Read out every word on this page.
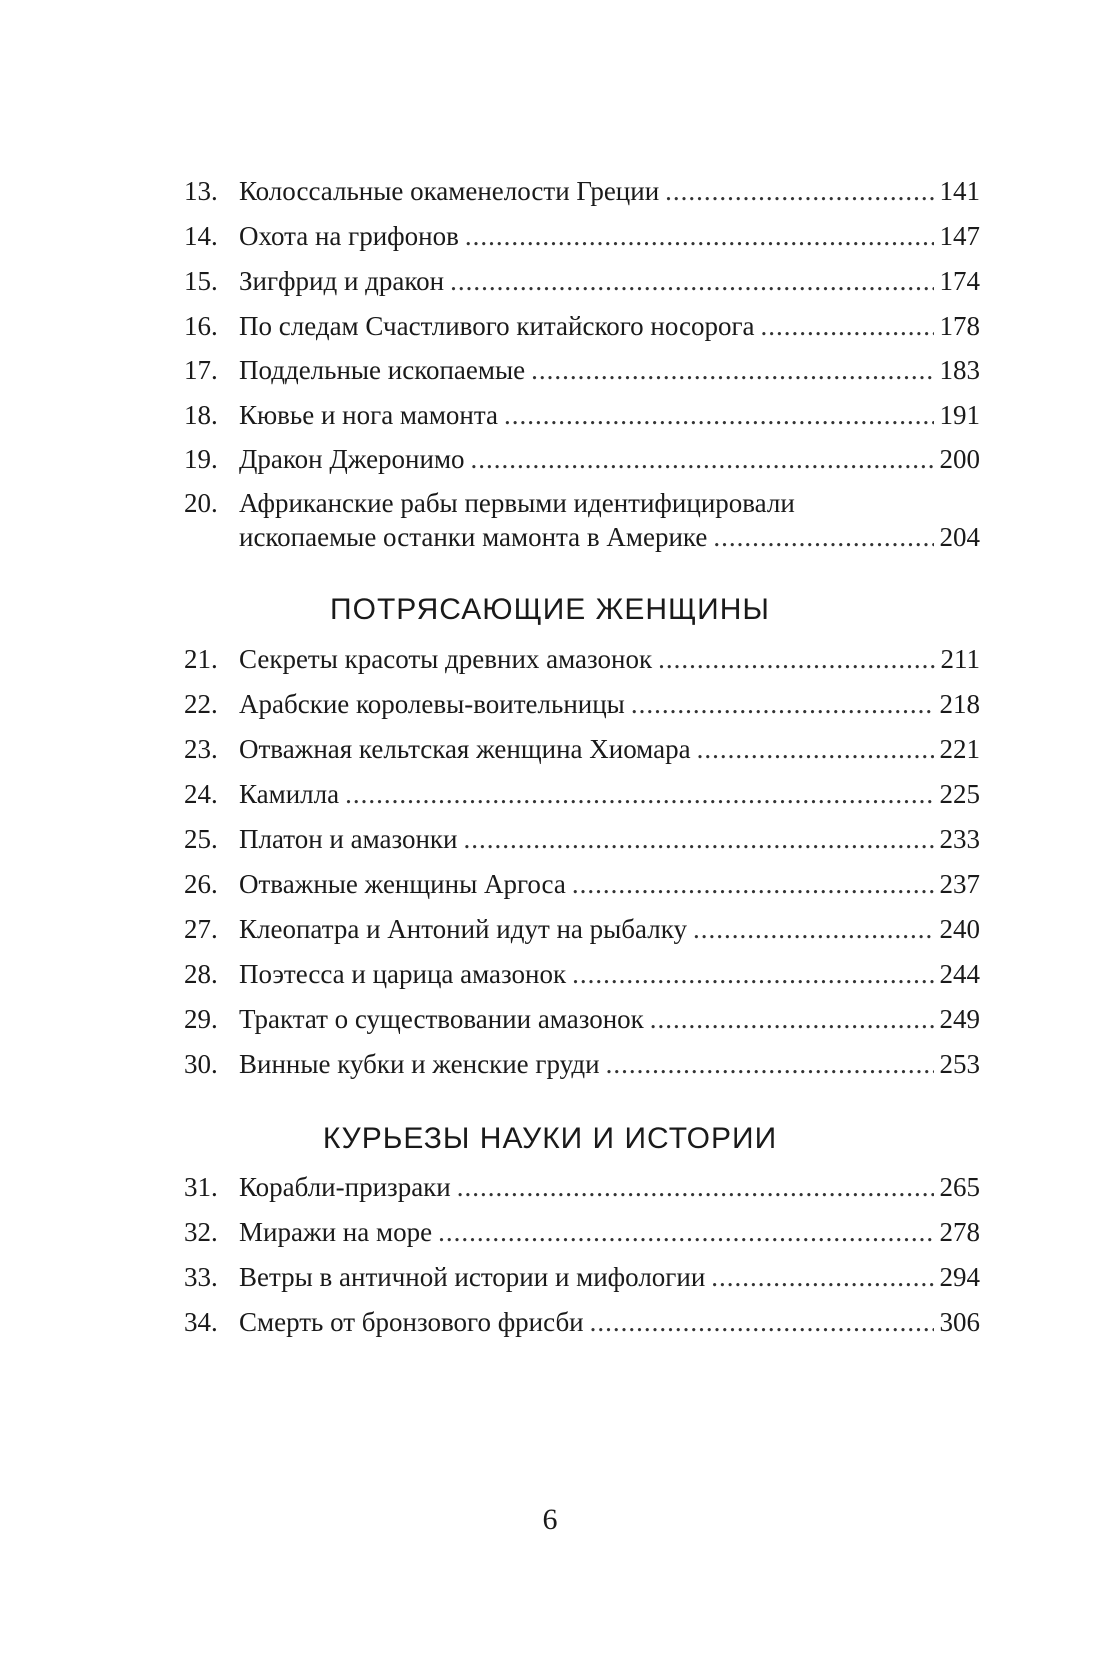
13. Колоссальные окаменелости Греции .....	141
14. Охота на грифонов .....	147
15. Зигфрид и дракон .....	174
16. По следам Счастливого китайского носорога .....	178
17. Поддельные ископаемые .....	183
18. Кювье и нога мамонта .....	191
19. Дракон Джеронимо .....	200
20. Африканские рабы первыми идентифицировали
ископаемые останки мамонта в Америке .....	204
ПОТРЯСАЮЩИЕ ЖЕНЩИНЫ
21. Секреты красоты древних амазонок .....	211
22. Арабские королевы-воительницы .....	218
23. Отважная кельтская женщина Хиомара .....	221
24. Камилла .....	225
25. Платон и амазонки .....	233
26. Отважные женщины Аргоса .....	237
27. Клеопатра и Антоний идут на рыбалку .....	240
28. Поэтесса и царица амазонок .....	244
29. Трактат о существовании амазонок .....	249
30. Винные кубки и женские груди .....	253
КУРЬЕЗЫ НАУКИ И ИСТОРИИ
31. Корабли-призраки .....	265
32. Миражи на море .....	278
33. Ветры в античной истории и мифологии .....	294
34. Смерть от бронзового фрисби .....	306
6
